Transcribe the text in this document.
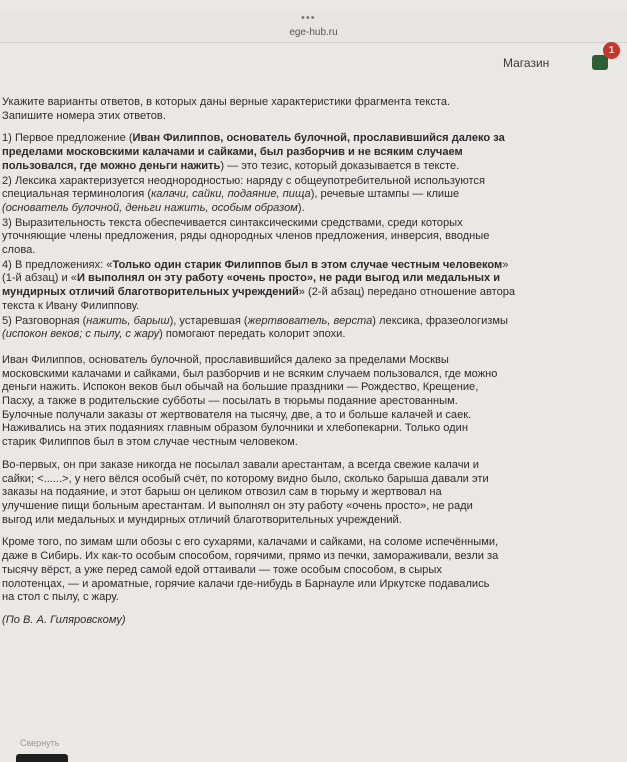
•••
ege-hub.ru
Магазин
1

Укажите варианты ответов, в которых даны верные характеристики фрагмента текста.

Запишите номера этих ответов.

1) Первое предложение (Иван Филиппов, основатель булочной, прославившийся далеко за

пределами московскими калачами и сайками, был разборчив и не всяким случаем

пользовался, где можно деньги нажить) — это тезис, который доказывается в тексте.

2) Лексика характеризуется неоднородностью: наряду с общеупотребительной используются

специальная терминология (калачи, сайки, подаяние, пища), речевые штампы — клише

(основатель булочной, деньги нажить, особым образом).

3) Выразительность текста обеспечивается синтаксическими средствами, среди которых

уточняющие члены предложения, ряды однородных членов предложения, инверсия, вводные

слова.

4) В предложениях: «Только один старик Филиппов был в этом случае честным человеком»

(1-й абзац) и «И выполнял он эту работу «очень просто», не ради выгод или медальных и

мундирных отличий благотворительных учреждений» (2-й абзац) передано отношение автора

текста к Ивану Филиппову.

5) Разговорная (нажить, барыш), устаревшая (жертвователь, верста) лексика, фразеологизмы

(испокон веков; с пылу, с жару) помогают передать колорит эпохи.

Иван Филиппов, основатель булочной, прославившийся далеко за пределами Москвы
московскими калачами и сайками, был разборчив и не всяким случаем пользовался, где можно
деньги нажить. Испокон веков был обычай на большие праздники — Рождество, Крещение,
Пасху, а также в родительские субботы — посылать в тюрьмы подаяние арестованным.
Булочные получали заказы от жертвователя на тысячу, две, а то и больше калачей и саек.
Наживались на этих подаяниях главным образом булочники и хлебопекарни. Только один
старик Филиппов был в этом случае честным человеком.

Во-первых, он при заказе никогда не посылал завали арестантам, а всегда свежие калачи и
сайки; <......>, у него вёлся особый счёт, по которому видно было, сколько барыша давали эти
заказы на подаяние, и этот барыш он целиком отвозил сам в тюрьму и жертвовал на
улучшение пищи больным арестантам. И выполнял он эту работу «очень просто», не ради
выгод или медальных и мундирных отличий благотворительных учреждений.

Кроме того, по зимам шли обозы с его сухарями, калачами и сайками, на соломе испечёнными,
даже в Сибирь. Их как-то особым способом, горячими, прямо из печки, замораживали, везли за
тысячу вёрст, а уже перед самой едой оттаивали — тоже особым способом, в сырых
полотенцах, — и ароматные, горячие калачи где-нибудь в Барнауле или Иркутске подавались
на стол с пылу, с жару.

(По В. А. Гиляровскому)

Свернуть
